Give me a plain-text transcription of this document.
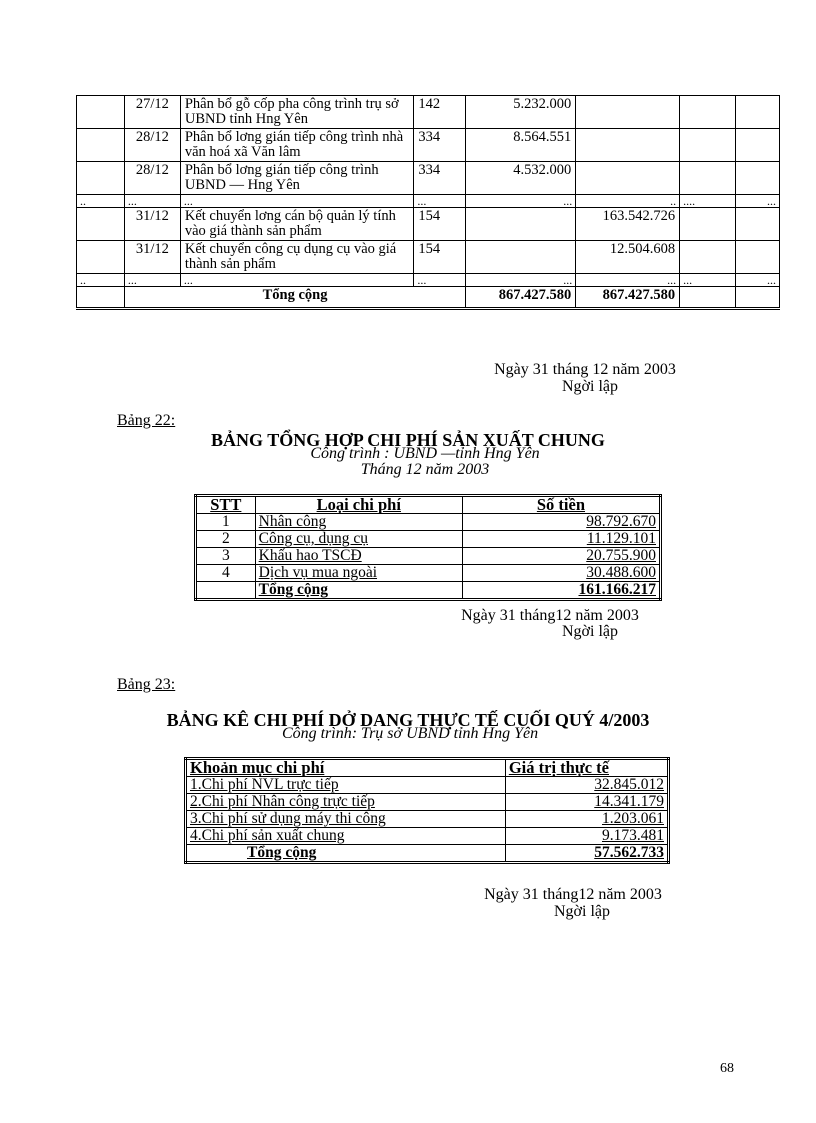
	27/12	Phân bổ gỗ cốp pha công trình trụ sở UBND tỉnh Hng Yên	142	5.232.000			
	28/12	Phân bổ lơng gián tiếp công trình nhà văn hoá xã Văn lâm	334	8.564.551			
	28/12	Phân bổ lơng gián tiếp công trình UBND — Hng Yên	334	4.532.000			
..	...	...	...	...	..	....	...
	31/12	Kết chuyển lơng cán bộ quản lý tính vào giá thành sản phẩm	154		163.542.726		
	31/12	Kết chuyển công cụ dụng cụ vào giá thành sản phẩm	154		12.504.608		
..	...	...	...	...	...	...	...
	Tổng cộng			867.427.580	867.427.580		
Ngày 31 tháng 12 năm 2003
Ngời lập
Bảng 22:
BẢNG TỔNG HỢP CHI PHÍ SẢN XUẤT CHUNG
Công trình : UBND —tỉnh Hng Yên
Tháng 12 năm 2003
STT	Loại chi phí	Số tiền
1	Nhân công	98.792.670
2	Công cụ, dụng cụ	11.129.101
3	Khấu hao TSCĐ	20.755.900
4	Dịch vụ mua ngoài	30.488.600
	Tổng cộng	161.166.217
Ngày 31 tháng12 năm 2003
Ngời lập
Bảng 23:
BẢNG KÊ CHI PHÍ DỞ DANG THỰC TẾ CUỐI QUÝ 4/2003
Công trình: Trụ sở UBND tỉnh Hng Yên
Khoản mục chi phí	Giá trị thực tế
1.Chi phí NVL trực tiếp	32.845.012
2.Chi phí Nhân công trực tiếp	14.341.179
3.Chi phí sử dụng máy thi công	1.203.061
4.Chi phí sản xuất chung	9.173.481
Tổng cộng	57.562.733
Ngày 31 tháng12 năm 2003
Ngời lập
68
